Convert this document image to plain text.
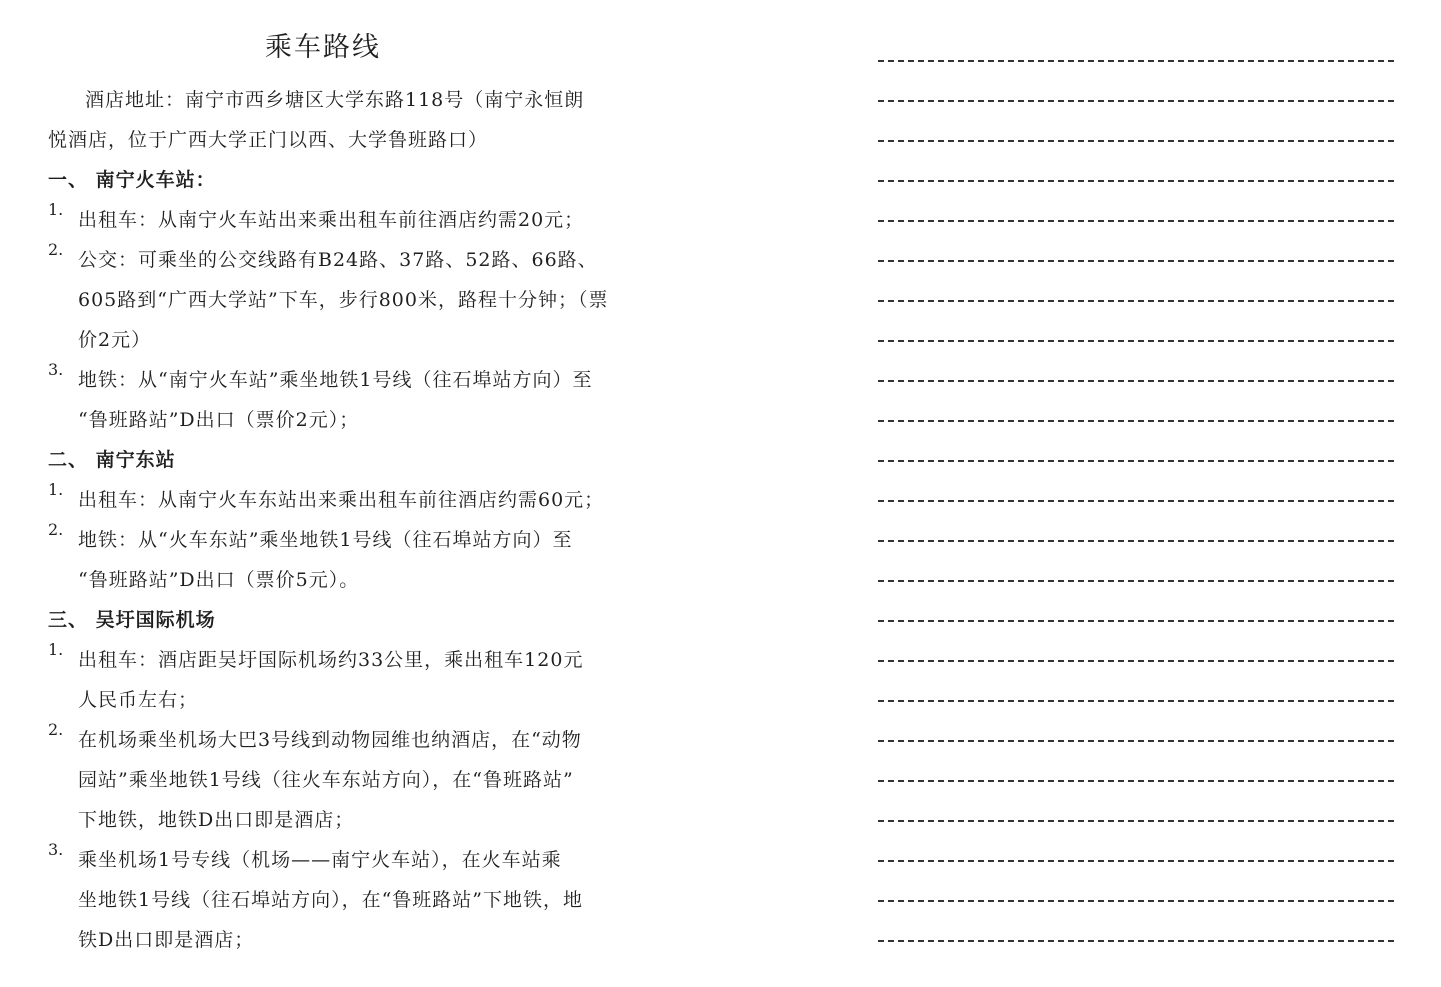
乘车路线
酒店地址：南宁市西乡塘区大学东路118号（南宁永恒朗
悦酒店，位于广西大学正门以西、大学鲁班路口）
一、 南宁火车站：
1. 出租车：从南宁火车站出来乘出租车前往酒店约需20元；
2. 公交：可乘坐的公交线路有B24路、37路、52路、66路、
605路到“广西大学站”下车，步行800米，路程十分钟；（票
价2元）
3. 地铁：从“南宁火车站”乘坐地铁1号线（往石埠站方向）至
“鲁班路站”D出口（票价2元）；
二、 南宁东站
1. 出租车：从南宁火车东站出来乘出租车前往酒店约需60元；
2. 地铁：从“火车东站”乘坐地铁1号线（往石埠站方向）至
“鲁班路站”D出口（票价5元）。
三、 吴圩国际机场
1. 出租车：酒店距吴圩国际机场约33公里，乘出租车120元
人民币左右；
2. 在机场乘坐机场大巴3号线到动物园维也纳酒店，在“动物
园站”乘坐地铁1号线（往火车东站方向），在“鲁班路站”
下地铁，地铁D出口即是酒店；
3. 乘坐机场1号专线（机场——南宁火车站），在火车站乘
坐地铁1号线（往石埠站方向），在“鲁班路站”下地铁，地
铁D出口即是酒店；
